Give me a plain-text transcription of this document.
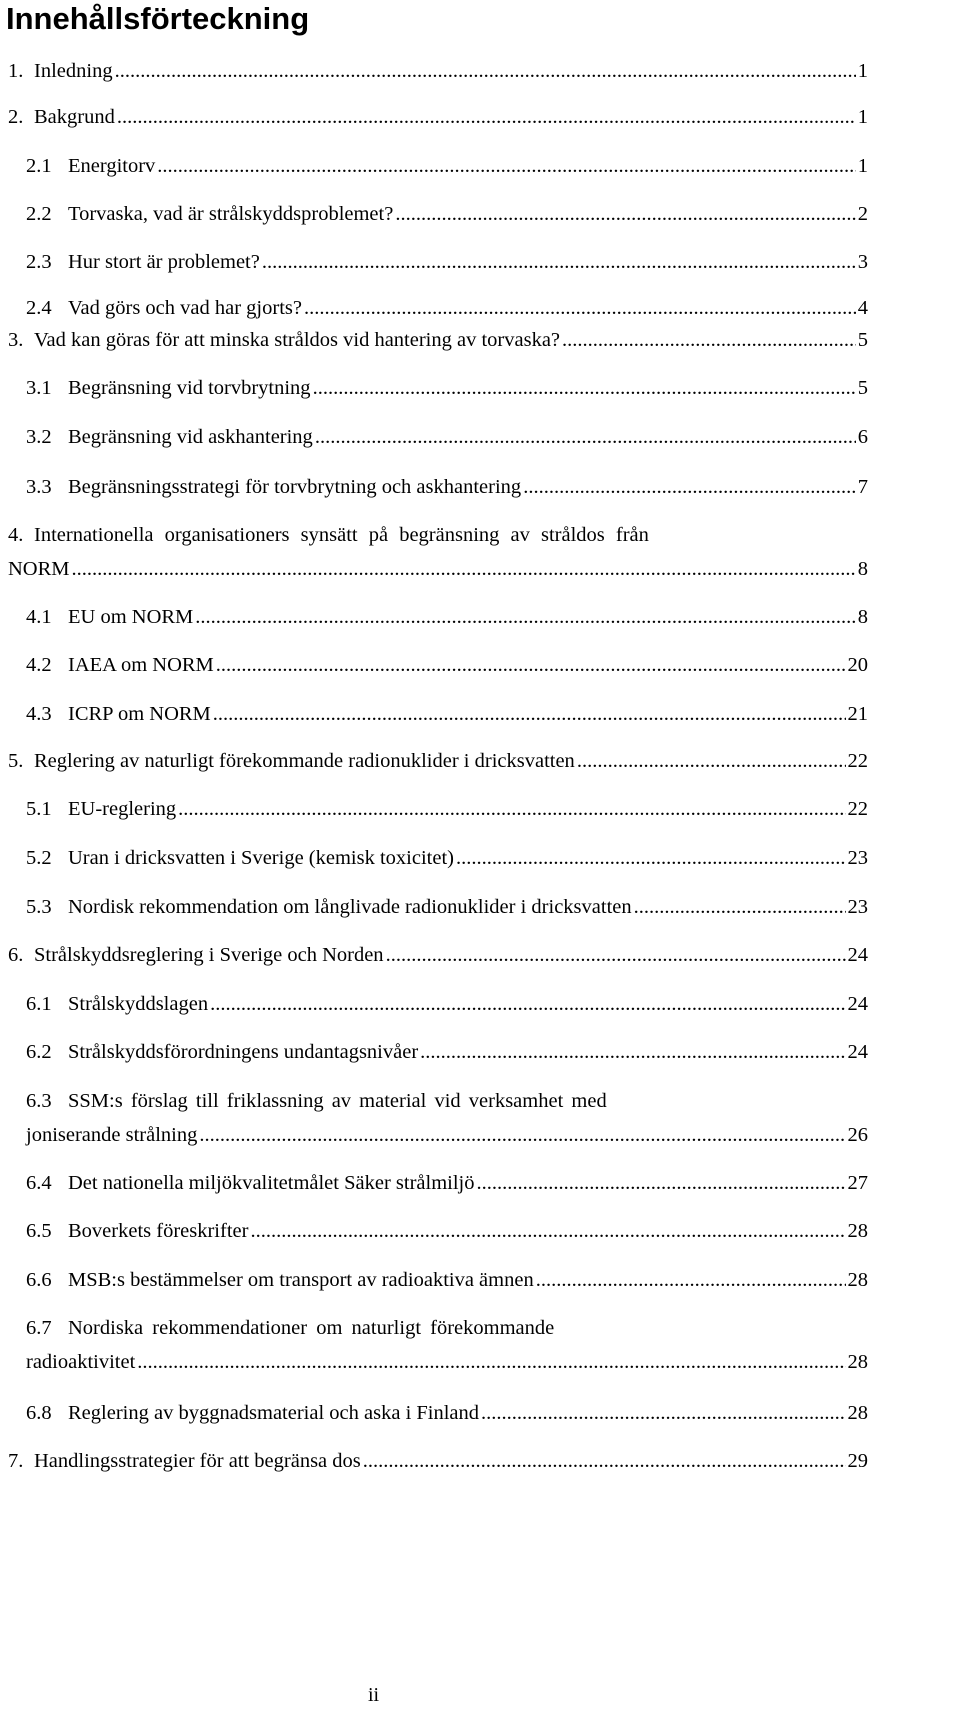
Innehållsförteckning
1. Inledning .....	1
2. Bakgrund .....	1
2.1 Energitorv .....	1
2.2 Torvaska, vad är strålskyddsproblemet? .....	2
2.3 Hur stort är problemet? .....	3
2.4 Vad görs och vad har gjorts? .....	4
3. Vad kan göras för att minska stråldos vid hantering av torvaska? .....	5
3.1 Begränsning vid torvbrytning .....	5
3.2 Begränsning vid askhantering .....	6
3.3 Begränsningsstrategi för torvbrytning och askhantering .....	7
4. Internationella organisationers synsätt på begränsning av stråldos från
NORM .....	8
4.1 EU om NORM .....	8
4.2 IAEA om NORM .....	20
4.3 ICRP om NORM .....	21
5. Reglering av naturligt förekommande radionuklider i dricksvatten .....	22
5.1 EU-reglering .....	22
5.2 Uran i dricksvatten i Sverige (kemisk toxicitet) .....	23
5.3 Nordisk rekommendation om långlivade radionuklider i dricksvatten .....	23
6. Strålskyddsreglering i Sverige och Norden .....	24
6.1 Strålskyddslagen .....	24
6.2 Strålskyddsförordningens undantagsnivåer .....	24
6.3 SSM:s förslag till friklassning av material vid verksamhet med
joniserande strålning .....	26
6.4 Det nationella miljökvalitetmålet Säker strålmiljö .....	27
6.5 Boverkets föreskrifter .....	28
6.6 MSB:s bestämmelser om transport av radioaktiva ämnen .....	28
6.7 Nordiska rekommendationer om naturligt förekommande
radioaktivitet .....	28
6.8 Reglering av byggnadsmaterial och aska i Finland .....	28
7. Handlingsstrategier för att begränsa dos .....	29
ii
